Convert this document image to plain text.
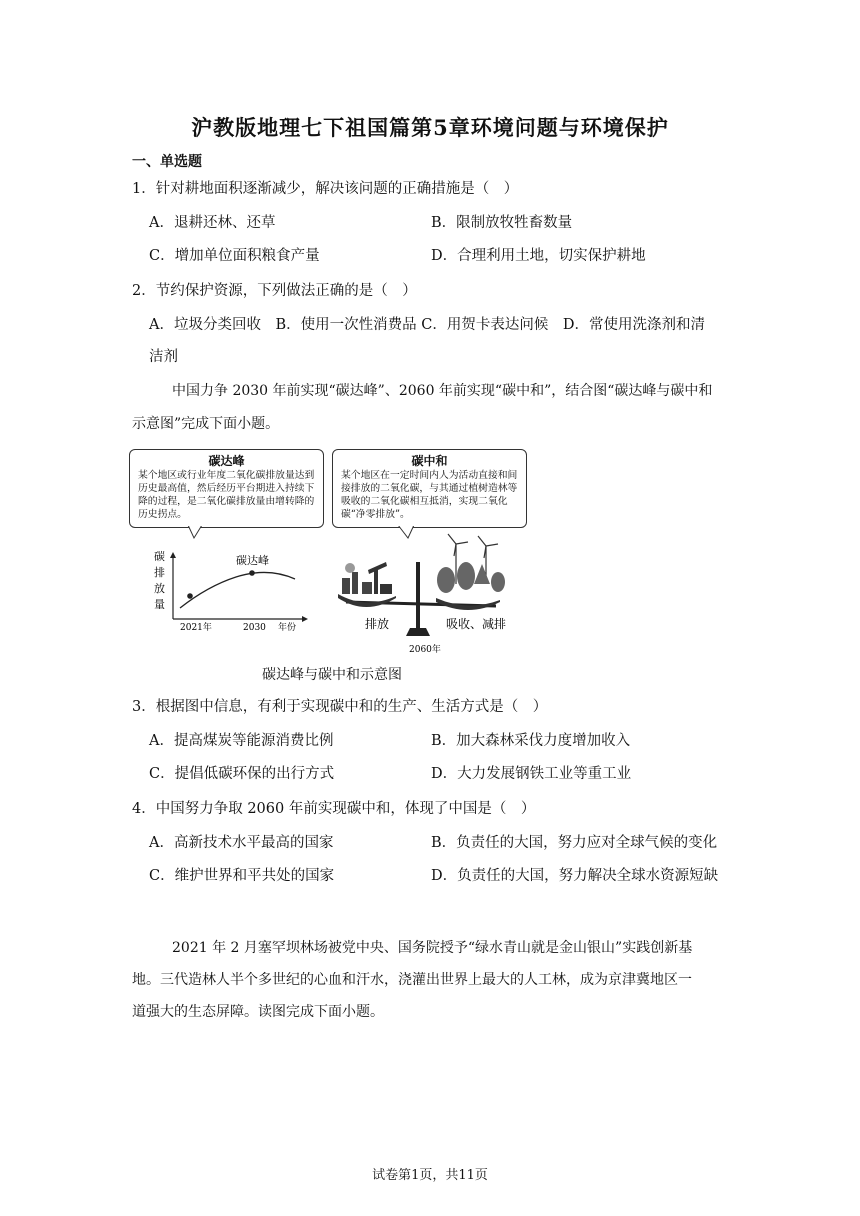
沪教版地理七下祖国篇第5章环境问题与环境保护
一、单选题
1．针对耕地面积逐渐减少，解决该问题的正确措施是（　）
A．退耕还林、还草	B．限制放牧牲畜数量
C．增加单位面积粮食产量	D．合理利用土地，切实保护耕地
2．节约保护资源，下列做法正确的是（　）
A．垃圾分类回收　B．使用一次性消费品 C．用贺卡表达问候　D．常使用洗涤剂和清
洁剂
中国力争 2030 年前实现“碳达峰”、2060 年前实现“碳中和”，结合图“碳达峰与碳中和
示意图”完成下面小题。
碳达峰
某个地区或行业年度二氧化碳排放量达到历史最高值，然后经历平台期进入持续下降的过程，是二氧化碳排放量由增转降的历史拐点。
碳中和
某个地区在一定时间内人为活动直接和间接排放的二氧化碳，与其通过植树造林等吸收的二氧化碳相互抵消，实现二氧化碳“净零排放”。
碳达峰
碳
排
放
量
2021年	2030 年份	排放	吸收、减排
2060年
碳达峰与碳中和示意图
3．根据图中信息，有利于实现碳中和的生产、生活方式是（　）
A．提高煤炭等能源消费比例	B．加大森林采伐力度增加收入
C．提倡低碳环保的出行方式	D．大力发展钢铁工业等重工业
4．中国努力争取 2060 年前实现碳中和，体现了中国是（　）
A．高新技术水平最高的国家	B．负责任的大国，努力应对全球气候的变化
C．维护世界和平共处的国家	D．负责任的大国，努力解决全球水资源短缺
2021 年 2 月塞罕坝林场被党中央、国务院授予“绿水青山就是金山银山”实践创新基
地。三代造林人半个多世纪的心血和汗水，浇灌出世界上最大的人工林，成为京津冀地区一
道强大的生态屏障。读图完成下面小题。
试卷第1页，共11页
